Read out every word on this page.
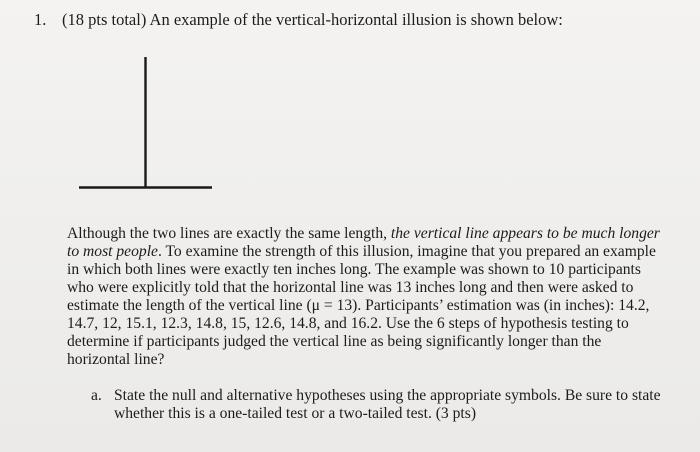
1. (18 pts total) An example of the vertical-horizontal illusion is shown below:

Although the two lines are exactly the same length, the vertical line appears to be much longer to most people. To examine the strength of this illusion, imagine that you prepared an example in which both lines were exactly ten inches long. The example was shown to 10 participants who were explicitly told that the horizontal line was 13 inches long and then were asked to estimate the length of the vertical line (μ = 13). Participants’ estimation was (in inches): 14.2, 14.7, 12, 15.1, 12.3, 14.8, 15, 12.6, 14.8, and 16.2. Use the 6 steps of hypothesis testing to determine if participants judged the vertical line as being significantly longer than the horizontal line?

a. State the null and alternative hypotheses using the appropriate symbols. Be sure to state whether this is a one-tailed test or a two-tailed test. (3 pts)
